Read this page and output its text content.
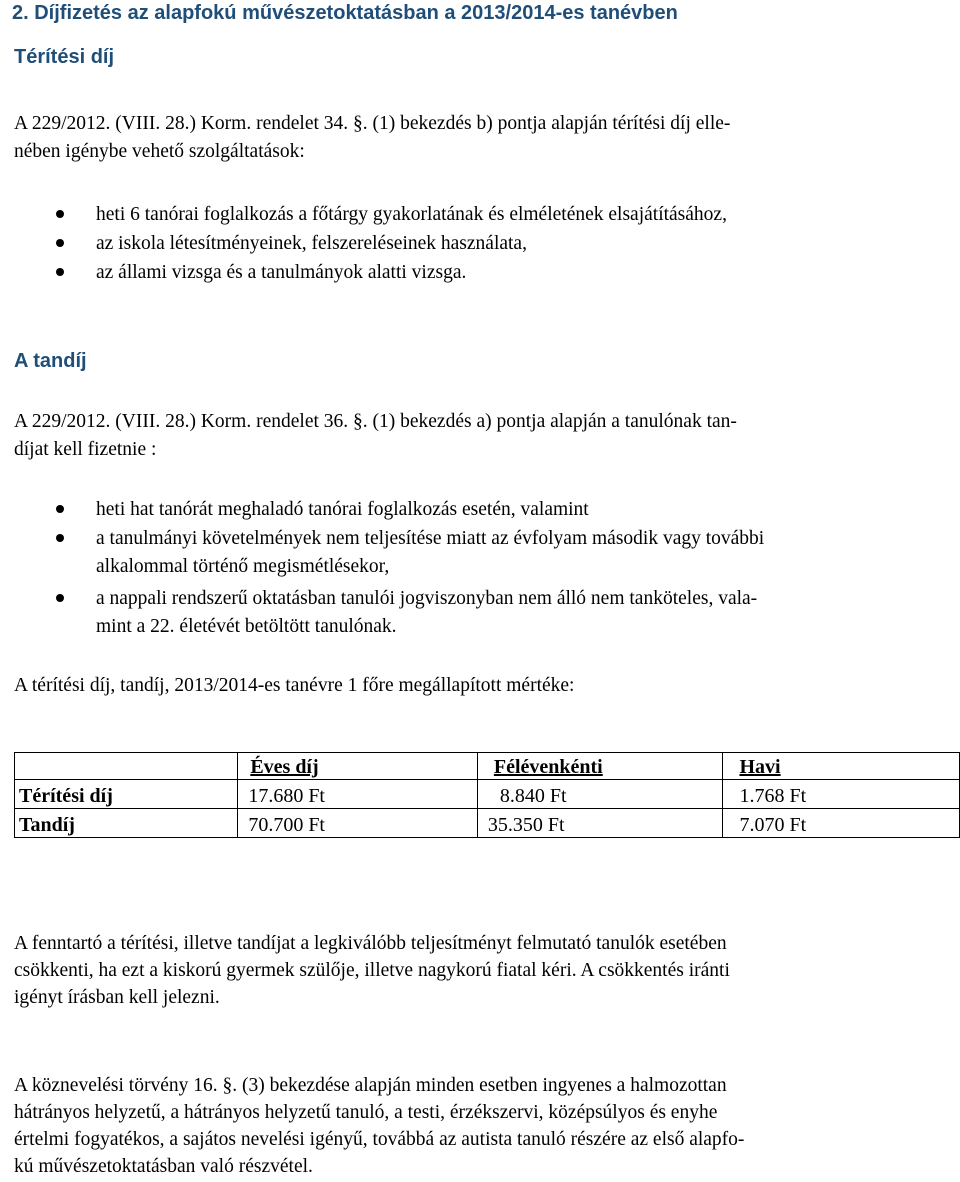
2. Díjfizetés az alapfokú művészetoktatásban a 2013/2014-es tanévben
Térítési díj
A 229/2012. (VIII. 28.) Korm. rendelet 34. §. (1) bekezdés b) pontja alapján térítési díj elle-
nében igénybe vehető szolgáltatások:
heti 6 tanórai foglalkozás a főtárgy gyakorlatának és elméletének elsajátításához,
az iskola létesítményeinek, felszereléseinek használata,
az állami vizsga és a tanulmányok alatti vizsga.
A tandíj
A 229/2012. (VIII. 28.) Korm. rendelet 36. §. (1) bekezdés a) pontja alapján a tanulónak tan-
díjat kell fizetnie :
heti hat tanórát meghaladó tanórai foglalkozás esetén, valamint
a tanulmányi követelmények nem teljesítése miatt az évfolyam második vagy további
alkalommal történő megismétlésekor,
a nappali rendszerű oktatásban tanulói jogviszonyban nem álló nem tanköteles, vala-
mint a 22. életévét betöltött tanulónak.
A térítési díj, tandíj, 2013/2014-es tanévre 1 főre megállapított mértéke:
	Éves díj	Félévenkénti	Havi
Térítési díj	17.680 Ft	8.840 Ft	1.768 Ft
Tandíj	70.700 Ft	35.350 Ft	7.070 Ft
A fenntartó a térítési, illetve tandíjat a legkiválóbb teljesítményt felmutató tanulók esetében
csökkenti, ha ezt a kiskorú gyermek szülője, illetve nagykorú fiatal kéri. A csökkentés iránti
igényt írásban kell jelezni.
A köznevelési törvény 16. §. (3) bekezdése alapján minden esetben ingyenes a halmozottan
hátrányos helyzetű, a hátrányos helyzetű tanuló, a testi, érzékszervi, középsúlyos és enyhe
értelmi fogyatékos, a sajátos nevelési igényű, továbbá az autista tanuló részére az első alapfo-
kú művészetoktatásban való részvétel.
